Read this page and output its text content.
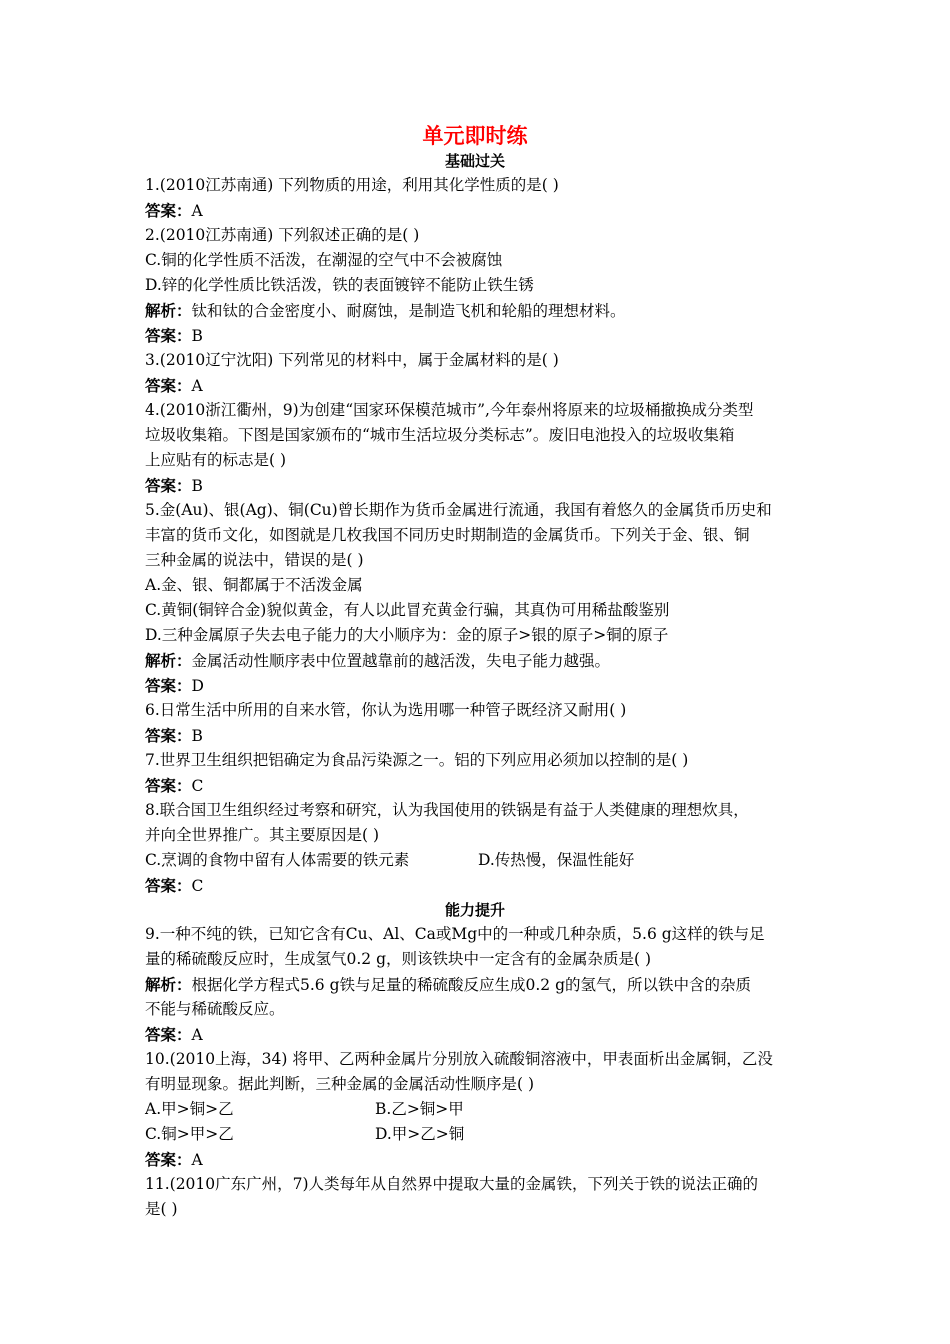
单元即时练
基础过关
1.(2010江苏南通) 下列物质的用途，利用其化学性质的是( )
答案：A
2.(2010江苏南通) 下列叙述正确的是( )
C.铜的化学性质不活泼，在潮湿的空气中不会被腐蚀
D.锌的化学性质比铁活泼，铁的表面镀锌不能防止铁生锈
解析：钛和钛的合金密度小、耐腐蚀，是制造飞机和轮船的理想材料。
答案：B
3.(2010辽宁沈阳) 下列常见的材料中，属于金属材料的是( )
答案：A
4.(2010浙江衢州，9)为创建“国家环保模范城市”,今年泰州将原来的垃圾桶撤换成分类型
垃圾收集箱。下图是国家颁布的“城市生活垃圾分类标志”。废旧电池投入的垃圾收集箱
上应贴有的标志是( )
答案：B
5.金(Au)、银(Ag)、铜(Cu)曾长期作为货币金属进行流通，我国有着悠久的金属货币历史和
丰富的货币文化，如图就是几枚我国不同历史时期制造的金属货币。下列关于金、银、铜
三种金属的说法中，错误的是( )
A.金、银、铜都属于不活泼金属
C.黄铜(铜锌合金)貌似黄金，有人以此冒充黄金行骗，其真伪可用稀盐酸鉴别
D.三种金属原子失去电子能力的大小顺序为：金的原子>银的原子>铜的原子
解析：金属活动性顺序表中位置越靠前的越活泼，失电子能力越强。
答案：D
6.日常生活中所用的自来水管，你认为选用哪一种管子既经济又耐用( )
答案：B
7.世界卫生组织把铝确定为食品污染源之一。铝的下列应用必须加以控制的是( )
答案：C
8.联合国卫生组织经过考察和研究，认为我国使用的铁锅是有益于人类健康的理想炊具，
并向全世界推广。其主要原因是( )
C.烹调的食物中留有人体需要的铁元素	D.传热慢，保温性能好
答案：C
能力提升
9.一种不纯的铁，已知它含有Cu、Al、Ca或Mg中的一种或几种杂质，5.6 g这样的铁与足
量的稀硫酸反应时，生成氢气0.2 g，则该铁块中一定含有的金属杂质是( )
解析：根据化学方程式5.6 g铁与足量的稀硫酸反应生成0.2 g的氢气，所以铁中含的杂质
不能与稀硫酸反应。
答案：A
10.(2010上海，34) 将甲、乙两种金属片分别放入硫酸铜溶液中，甲表面析出金属铜，乙没
有明显现象。据此判断，三种金属的金属活动性顺序是( )
A.甲>铜>乙	B.乙>铜>甲
C.铜>甲>乙	D.甲>乙>铜
答案：A
11.(2010广东广州，7)人类每年从自然界中提取大量的金属铁，下列关于铁的说法正确的
是( )
